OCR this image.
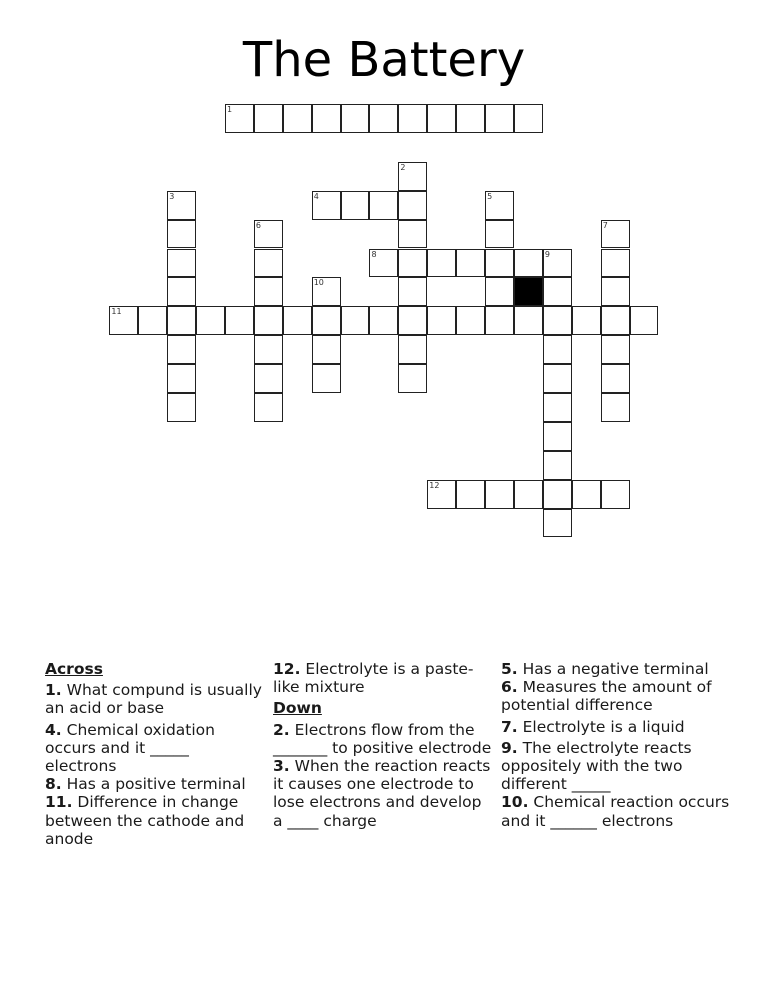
The Battery
1
2
3	4	5
6	7
8	9
10
11
12
Across
1. What compund is usually an acid or base
4. Chemical oxidation occurs and it _____ electrons
8. Has a positive terminal
11. Difference in change between the cathode and anode
12. Electrolyte is a paste-like mixture
Down
2. Electrons flow from the _______ to positive electrode
3. When the reaction reacts it causes one electrode to lose electrons and develop a ____ charge
5. Has a negative terminal
6. Measures the amount of potential difference
7. Electrolyte is a liquid
9. The electrolyte reacts oppositely with the two different _____
10. Chemical reaction occurs and it ______ electrons
